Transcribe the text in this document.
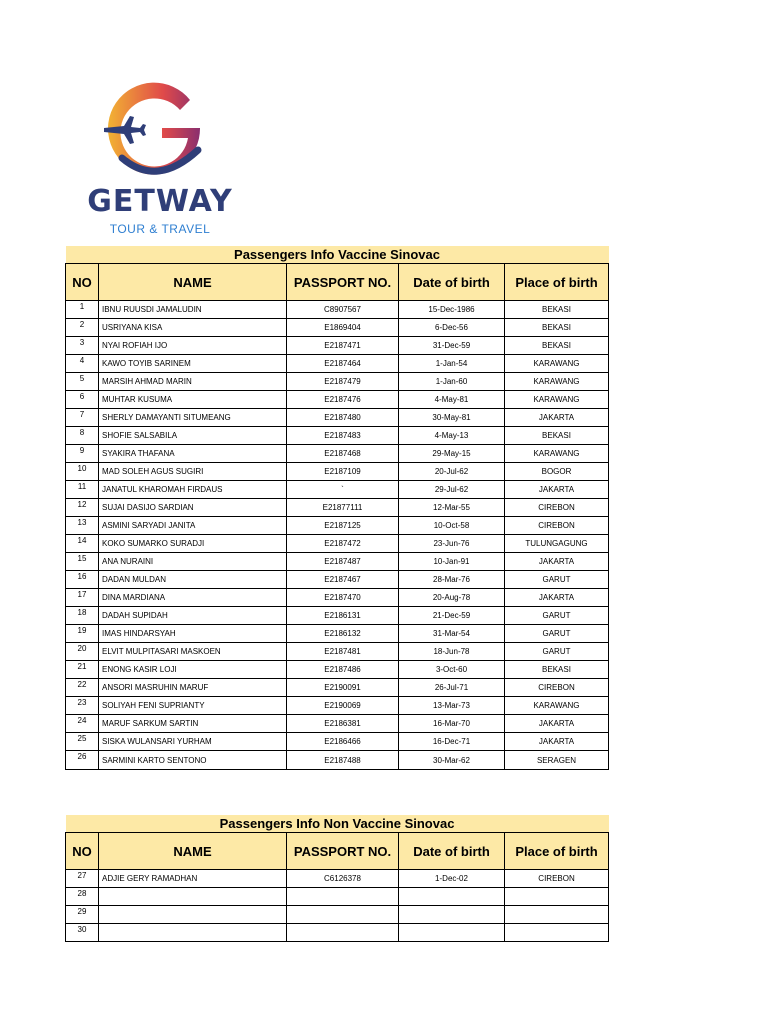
GETWAY
TOUR & TRAVEL
Passengers Info Vaccine Sinovac				
NO	NAME	PASSPORT NO.	Date of birth	Place of birth
1	IBNU RUUSDI JAMALUDIN	C8907567	15-Dec-1986	BEKASI
2	USRIYANA KISA	E1869404	6-Dec-56	BEKASI
3	NYAI ROFIAH IJO	E2187471	31-Dec-59	BEKASI
4	KAWO TOYIB SARINEM	E2187464	1-Jan-54	KARAWANG
5	MARSIH AHMAD MARIN	E2187479	1-Jan-60	KARAWANG
6	MUHTAR KUSUMA	E2187476	4-May-81	KARAWANG
7	SHERLY DAMAYANTI SITUMEANG	E2187480	30-May-81	JAKARTA
8	SHOFIE SALSABILA	E2187483	4-May-13	BEKASI
9	SYAKIRA THAFANA	E2187468	29-May-15	KARAWANG
10	MAD SOLEH AGUS SUGIRI	E2187109	20-Jul-62	BOGOR
11	JANATUL KHAROMAH FIRDAUS	`	29-Jul-62	JAKARTA
12	SUJAI DASIJO SARDIAN	E21877111	12-Mar-55	CIREBON
13	ASMINI SARYADI JANITA	E2187125	10-Oct-58	CIREBON
14	KOKO SUMARKO SURADJI	E2187472	23-Jun-76	TULUNGAGUNG
15	ANA NURAINI	E2187487	10-Jan-91	JAKARTA
16	DADAN MULDAN	E2187467	28-Mar-76	GARUT
17	DINA MARDIANA	E2187470	20-Aug-78	JAKARTA
18	DADAH SUPIDAH	E2186131	21-Dec-59	GARUT
19	IMAS HINDARSYAH	E2186132	31-Mar-54	GARUT
20	ELVIT MULPITASARI MASKOEN	E2187481	18-Jun-78	GARUT
21	ENONG KASIR LOJI	E2187486	3-Oct-60	BEKASI
22	ANSORI MASRUHIN MARUF	E2190091	26-Jul-71	CIREBON
23	SOLIYAH FENI SUPRIANTY	E2190069	13-Mar-73	KARAWANG
24	MARUF SARKUM SARTIN	E2186381	16-Mar-70	JAKARTA
25	SISKA WULANSARI YURHAM	E2186466	16-Dec-71	JAKARTA
26	SARMINI KARTO SENTONO	E2187488	30-Mar-62	SERAGEN
Passengers Info Non Vaccine Sinovac				
NO	NAME	PASSPORT NO.	Date of birth	Place of birth
27	ADJIE GERY RAMADHAN	C6126378	1-Dec-02	CIREBON
28				
29				
30				
